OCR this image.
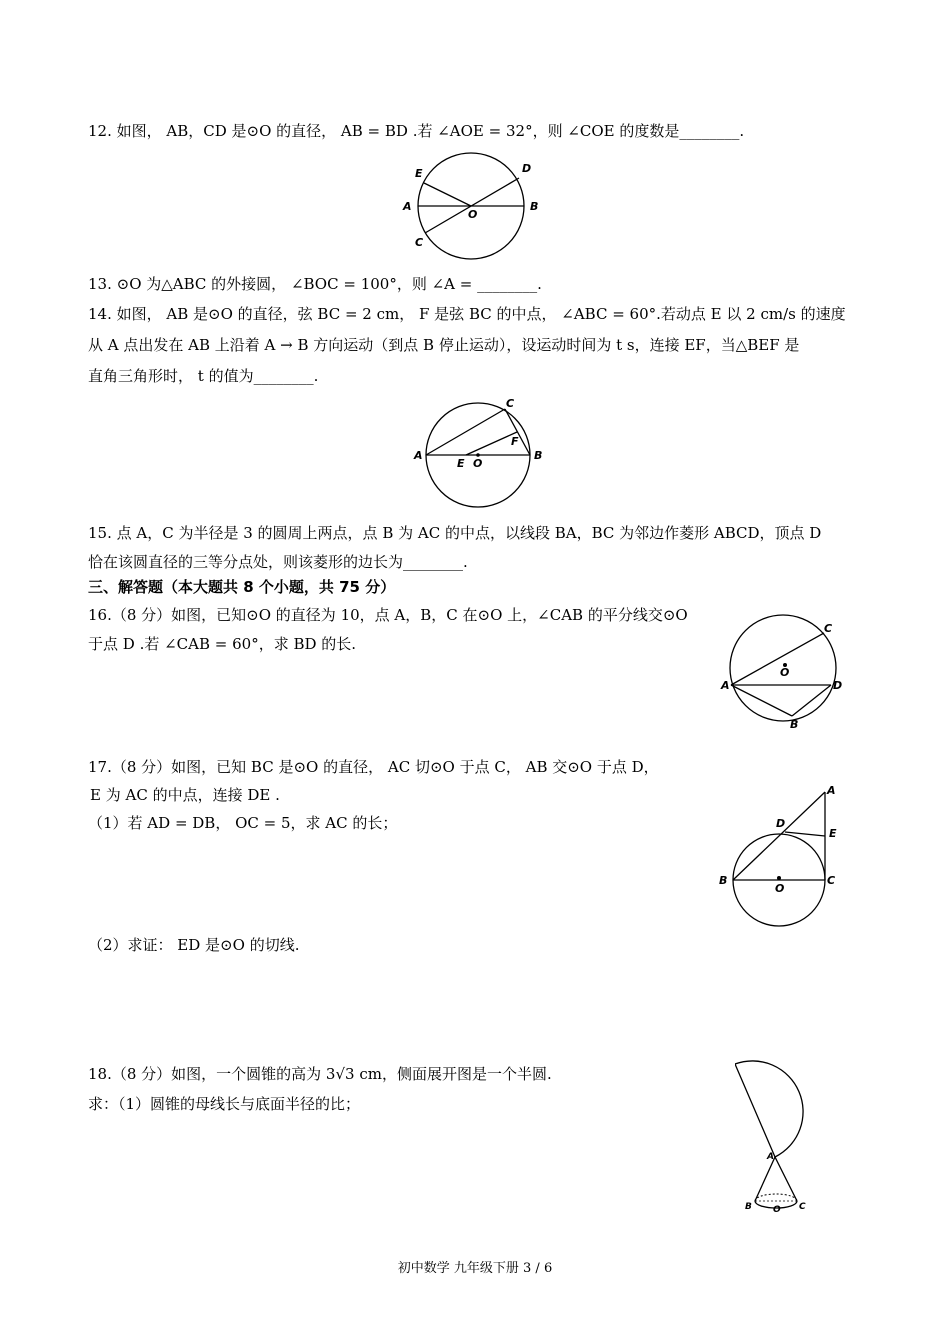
12. 如图， AB，CD 是⊙O 的直径， AB = BD .若 ∠AOE = 32°，则 ∠COE 的度数是________.
E	D
A
O
B
C
13. ⊙O 为△ABC 的外接圆， ∠BOC = 100°，则 ∠A = ________.
14. 如图， AB 是⊙O 的直径，弦 BC = 2 cm， F 是弦 BC 的中点， ∠ABC = 60°.若动点 E 以 2 cm/s 的速度
从 A 点出发在 AB 上沿着 A → B 方向运动（到点 B 停止运动），设运动时间为 t s，连接 EF，当△BEF 是
直角三角形时， t 的值为________.
C
F
A
E O
B
15. 点 A，C 为半径是 3 的圆周上两点，点 B 为 AC 的中点，以线段 BA，BC 为邻边作菱形 ABCD，顶点 D
恰在该圆直径的三等分点处，则该菱形的边长为________.
三、解答题（本大题共 8 个小题，共 75 分）
16.（8 分）如图，已知⊙O 的直径为 10，点 A，B，C 在⊙O 上，∠CAB 的平分线交⊙O
于点 D .若 ∠CAB = 60°，求 BD 的长.
C
O
A	D
B
17.（8 分）如图，已知 BC 是⊙O 的直径， AC 切⊙O 于点 C， AB 交⊙O 于点 D，
E 为 AC 的中点，连接 DE .
（1）若 AD = DB， OC = 5，求 AC 的长；
（2）求证： ED 是⊙O 的切线.
A
D
E
B
O
C
18.（8 分）如图，一个圆锥的高为 3√3 cm，侧面展开图是一个半圆.
求：（1）圆锥的母线长与底面半径的比；
A
B O C
初中数学 九年级下册 3 / 6
